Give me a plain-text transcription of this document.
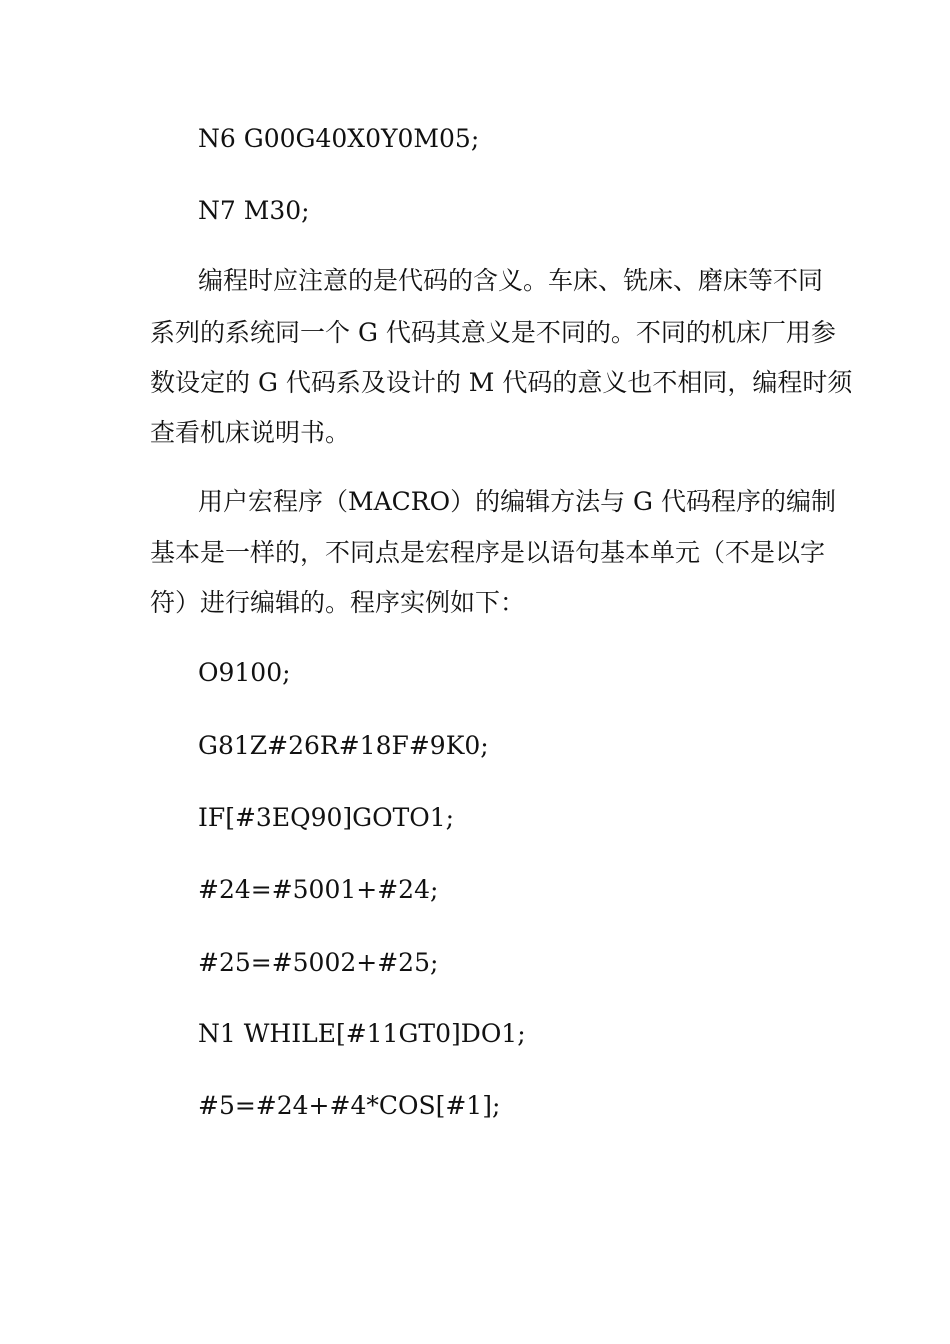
N6 G00G40X0Y0M05;
N7 M30;
编程时应注意的是代码的含义。车床、铣床、磨床等不同
系列的系统同一个 G 代码其意义是不同的。不同的机床厂用参
数设定的 G 代码系及设计的 M 代码的意义也不相同，编程时须
查看机床说明书。
用户宏程序（MACRO）的编辑方法与 G 代码程序的编制
基本是一样的，不同点是宏程序是以语句基本单元（不是以字
符）进行编辑的。程序实例如下：
O9100;
G81Z#26R#18F#9K0;
IF[#3EQ90]GOTO1;
#24=#5001+#24;
#25=#5002+#25;
N1 WHILE[#11GT0]DO1;
#5=#24+#4*COS[#1];
